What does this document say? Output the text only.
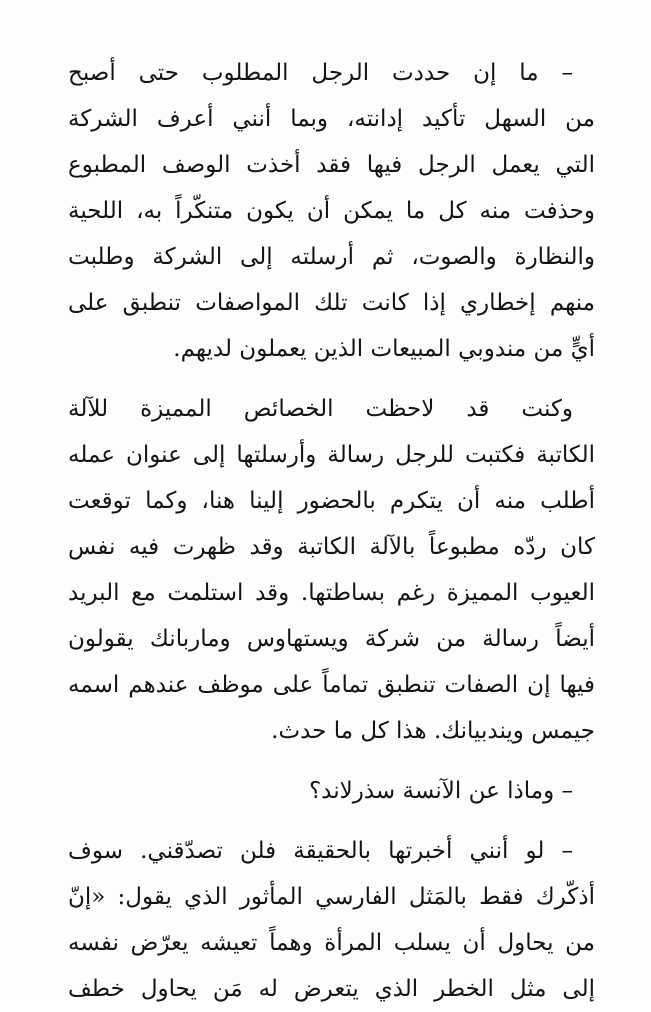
– ما إن حددت الرجل المطلوب حتى أصبح
من السهل تأكيد إدانته، وبما أنني أعرف الشركة
التي يعمل الرجل فيها فقد أخذت الوصف المطبوع
وحذفت منه كل ما يمكن أن يكون متنكّراً به، اللحية
والنظارة والصوت، ثم أرسلته إلى الشركة وطلبت
منهم إخطاري إذا كانت تلك المواصفات تنطبق على
أيٍّ من مندوبي المبيعات الذين يعملون لديهم.
وكنت قد لاحظت الخصائص المميزة للآلة
الكاتبة فكتبت للرجل رسالة وأرسلتها إلى عنوان عمله
أطلب منه أن يتكرم بالحضور إلينا هنا، وكما توقعت
كان ردّه مطبوعاً بالآلة الكاتبة وقد ظهرت فيه نفس
العيوب المميزة رغم بساطتها. وقد استلمت مع البريد
أيضاً رسالة من شركة ويستهاوس وماربانك يقولون
فيها إن الصفات تنطبق تماماً على موظف عندهم اسمه
جيمس ويندبيانك. هذا كل ما حدث.
– وماذا عن الآنسة سذرلاند؟
– لو أنني أخبرتها بالحقيقة فلن تصدّقني. سوف
أذكّرك فقط بالمَثل الفارسي المأثور الذي يقول: «إنّ
من يحاول أن يسلب المرأة وهماً تعيشه يعرّض نفسه
إلى مثل الخطر الذي يتعرض له مَن يحاول خطف
